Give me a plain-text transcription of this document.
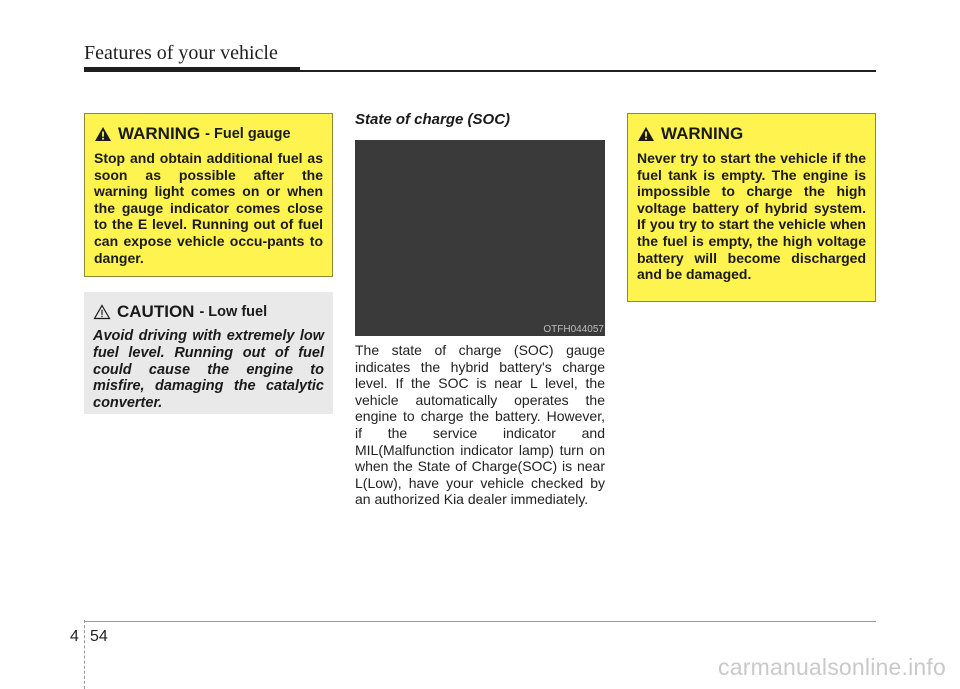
Features of your vehicle
WARNING - Fuel gauge
Stop and obtain additional fuel as soon as possible after the warning light comes on or when the gauge indicator comes close to the E level. Running out of fuel can expose vehicle occu-pants to danger.
CAUTION - Low fuel
Avoid driving with extremely low fuel level. Running out of fuel could cause the engine to misfire, damaging the catalytic converter.
State of charge (SOC)
OTFH044057
The state of charge (SOC) gauge indicates the hybrid battery's charge level. If the SOC is near L level, the vehicle automatically operates the engine to charge the battery. However, if the service indicator and MIL(Malfunction indicator lamp) turn on when the State of Charge(SOC) is near L(Low), have your vehicle checked by an authorized Kia dealer immediately.
WARNING
Never try to start the vehicle if the fuel tank is empty. The engine is impossible to charge the high voltage battery of hybrid system. If you try to start the vehicle when the fuel is empty, the high voltage battery will become discharged and be damaged.
4 54
carmanualsonline.info
